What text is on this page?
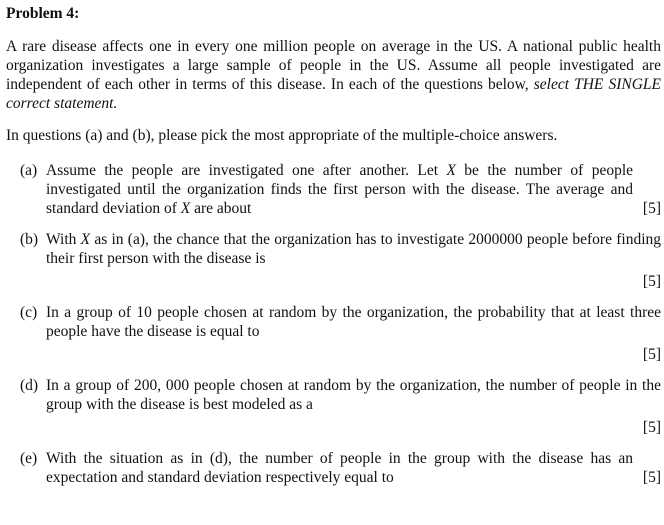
Problem 4:
A rare disease affects one in every one million people on average in the US. A national public health organization investigates a large sample of people in the US. Assume all people investigated are independent of each other in terms of this disease. In each of the questions below, select THE SINGLE correct statement.
In questions (a) and (b), please pick the most appropriate of the multiple-choice answers.
(a) Assume the people are investigated one after another. Let X be the number of people investigated until the organization finds the first person with the disease. The average and standard deviation of X are about	[5]
(b) With X as in (a), the chance that the organization has to investigate 2000000 people before finding their first person with the disease is
[5]
(c) In a group of 10 people chosen at random by the organization, the probability that at least three people have the disease is equal to
[5]
(d) In a group of 200, 000 people chosen at random by the organization, the number of people in the group with the disease is best modeled as a
[5]
(e) With the situation as in (d), the number of people in the group with the disease has an expectation and standard deviation respectively equal to	[5]
